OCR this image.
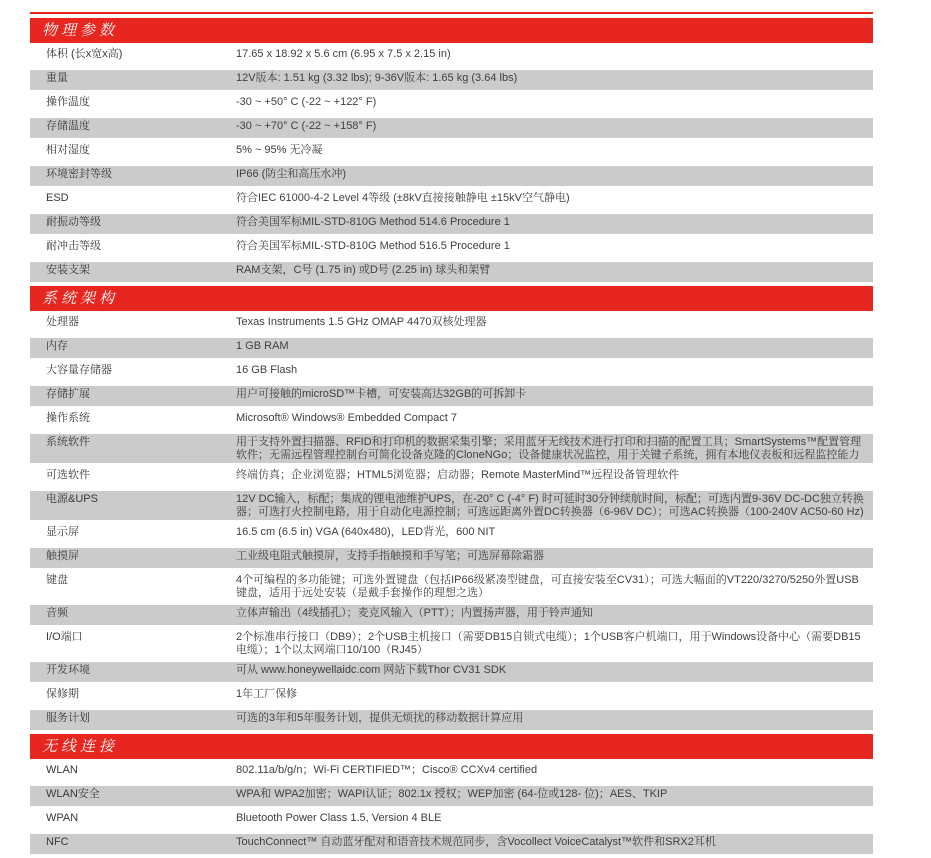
物理参数
体积 (长x宽x高)	17.65 x 18.92 x 5.6 cm (6.95 x 7.5 x 2.15 in)
重量	12V版本: 1.51 kg (3.32 lbs); 9-36V版本: 1.65 kg (3.64 lbs)
操作温度	-30 ~ +50° C (-22 ~ +122° F)
存储温度	-30 ~ +70° C (-22 ~ +158° F)
相对湿度	5% ~ 95% 无冷凝
环境密封等级	IP66 (防尘和高压水冲)
ESD	符合IEC 61000-4-2 Level 4等级 (±8kV直接接触静电 ±15kV空气静电)
耐振动等级	符合美国军标MIL-STD-810G Method 514.6 Procedure 1
耐冲击等级	符合美国军标MIL-STD-810G Method 516.5 Procedure 1
安装支架	RAM支架，C号 (1.75 in) 或D号 (2.25 in) 球头和架臂
系统架构
处理器	Texas Instruments 1.5 GHz OMAP 4470双核处理器
内存	1 GB RAM
大容量存储器	16 GB Flash
存储扩展	用户可接触的microSD™卡槽，可安装高达32GB的可拆卸卡
操作系统	Microsoft® Windows® Embedded Compact 7
系统软件	用于支持外置扫描器、RFID和打印机的数据采集引擎；采用蓝牙无线技术进行打印和扫描的配置工具；SmartSystems™配置管理软件；无需远程管理控制台可简化设备克隆的CloneNGo；设备健康状况监控，用于关键子系统，拥有本地仪表板和远程监控能力
可选软件	终端仿真；企业浏览器；HTML5浏览器；启动器；Remote MasterMind™远程设备管理软件
电源&UPS	12V DC输入，标配；集成的锂电池维护UPS，在-20° C (-4° F) 时可延时30分钟续航时间，标配；可选内置9-36V DC-DC独立转换器；可选打火控制电路，用于自动化电源控制；可选远距离外置DC转换器（6-96V DC）；可选AC转换器（100-240V AC50-60 Hz)
显示屏	16.5 cm (6.5 in) VGA (640x480)，LED背光，600 NIT
触摸屏	工业级电阻式触摸屏，支持手指触摸和手写笔；可选屏幕除霜器
键盘	4个可编程的多功能键；可选外置键盘（包括IP66级紧凑型键盘，可直接安装至CV31）；可选大幅面的VT220/3270/5250外置USB键盘，适用于远处安装（是戴手套操作的理想之选）
音频	立体声输出（4线插孔）；麦克风输入（PTT）；内置扬声器，用于铃声通知
I/O端口	2个标准串行接口（DB9）；2个USB主机接口（需要DB15自锁式电缆）；1个USB客户机端口，用于Windows设备中心（需要DB15电缆）；1个以太网端口10/100（RJ45）
开发环境	可从 www.honeywellaidc.com 网站下载Thor CV31 SDK
保修期	1年工厂保修
服务计划	可选的3年和5年服务计划，提供无烦扰的移动数据计算应用
无线连接
WLAN	802.11a/b/g/n；Wi-Fi CERTIFIED™；Cisco® CCXv4 certified
WLAN安全	WPA和 WPA2加密；WAPI认证；802.1x 授权；WEP加密 (64-位或128- 位)；AES、TKIP
WPAN	Bluetooth Power Class 1.5, Version 4 BLE
NFC	TouchConnect™ 自动蓝牙配对和语音技术规范同步，含Vocollect VoiceCatalyst™软件和SRX2耳机
